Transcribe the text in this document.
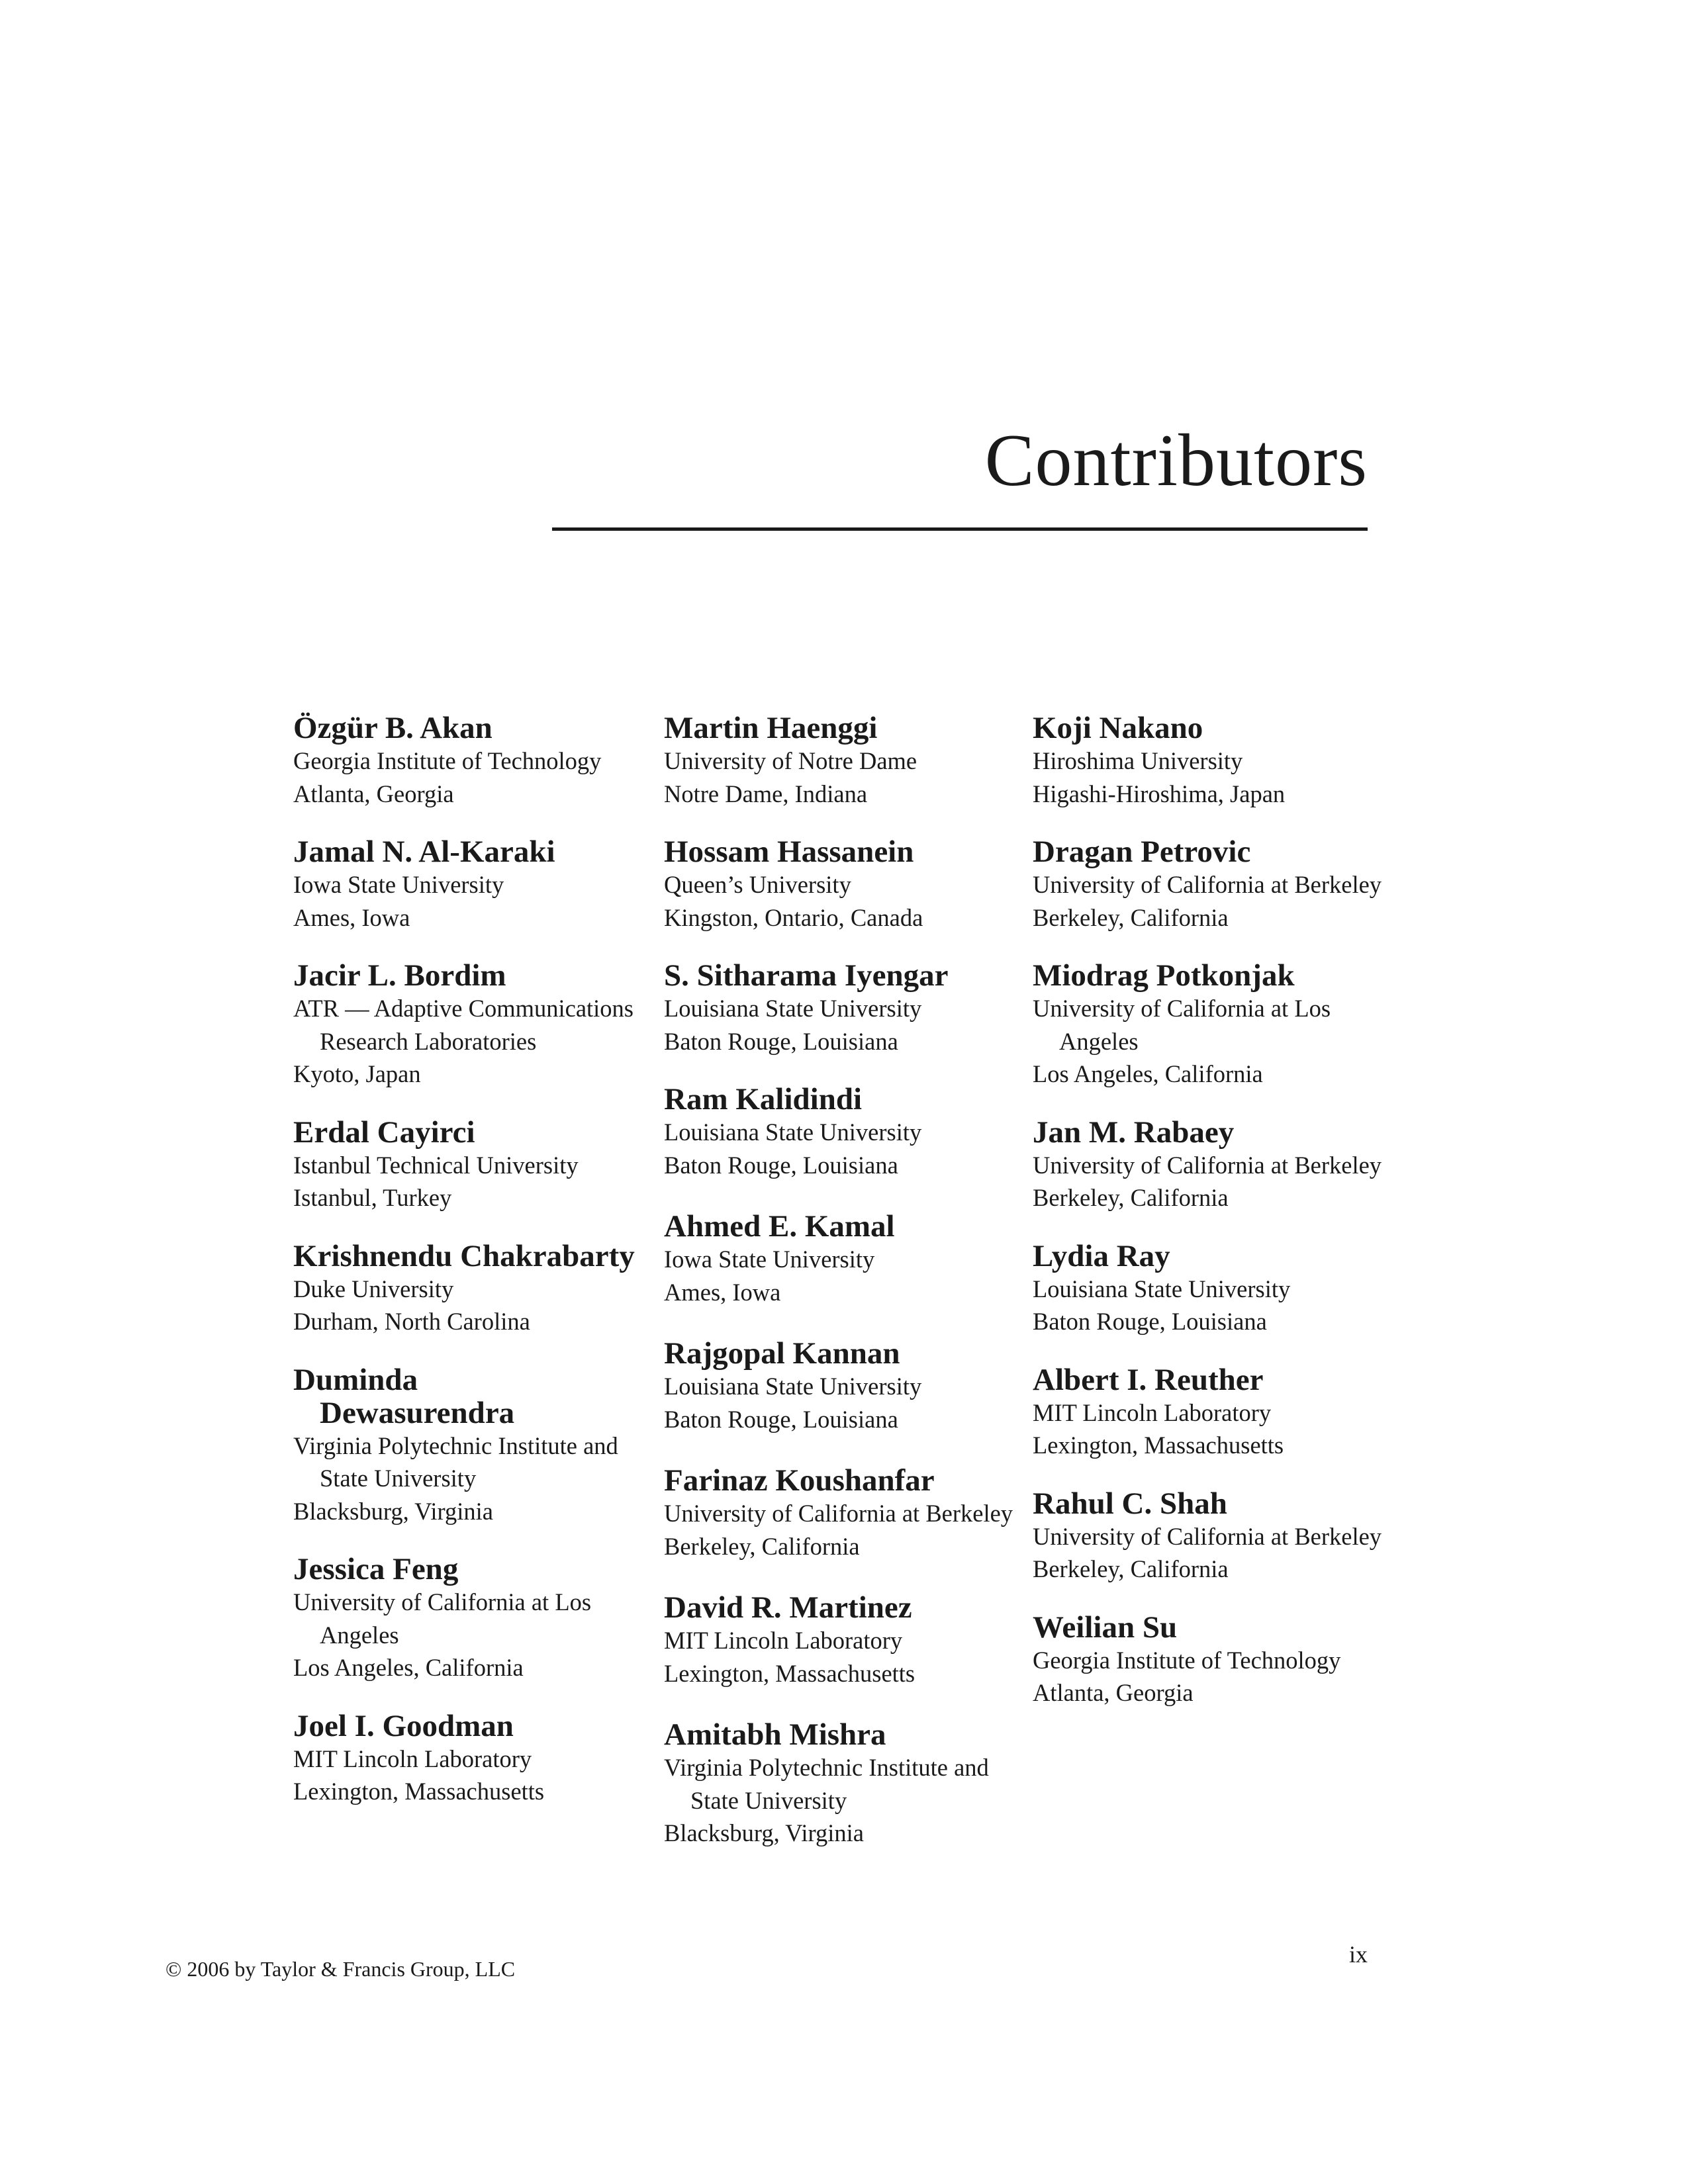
Contributors

Özgür B. Akan

Georgia Institute of Technology

Atlanta, Georgia

Jamal N. Al-Karaki

Iowa State University

Ames, Iowa

Jacir L. Bordim

ATR — Adaptive Communications Research Laboratories

Kyoto, Japan

Erdal Cayirci

Istanbul Technical University

Istanbul, Turkey

Krishnendu Chakrabarty

Duke University

Durham, North Carolina

Duminda
Dewasurendra

Virginia Polytechnic Institute and State University

Blacksburg, Virginia

Jessica Feng

University of California at Los Angeles

Los Angeles, California

Joel I. Goodman

MIT Lincoln Laboratory

Lexington, Massachusetts

Martin Haenggi

University of Notre Dame

Notre Dame, Indiana

Hossam Hassanein

Queen’s University

Kingston, Ontario, Canada

S. Sitharama Iyengar

Louisiana State University

Baton Rouge, Louisiana

Ram Kalidindi

Louisiana State University

Baton Rouge, Louisiana

Ahmed E. Kamal

Iowa State University

Ames, Iowa

Rajgopal Kannan

Louisiana State University

Baton Rouge, Louisiana

Farinaz Koushanfar

University of California at Berkeley

Berkeley, California

David R. Martinez

MIT Lincoln Laboratory

Lexington, Massachusetts

Amitabh Mishra

Virginia Polytechnic Institute and State University

Blacksburg, Virginia

Koji Nakano

Hiroshima University

Higashi-Hiroshima, Japan

Dragan Petrovic

University of California at Berkeley

Berkeley, California

Miodrag Potkonjak

University of California at Los Angeles

Los Angeles, California

Jan M. Rabaey

University of California at Berkeley

Berkeley, California

Lydia Ray

Louisiana State University

Baton Rouge, Louisiana

Albert I. Reuther

MIT Lincoln Laboratory

Lexington, Massachusetts

Rahul C. Shah

University of California at Berkeley

Berkeley, California

Weilian Su

Georgia Institute of Technology

Atlanta, Georgia

© 2006 by Taylor & Francis Group, LLC
ix
